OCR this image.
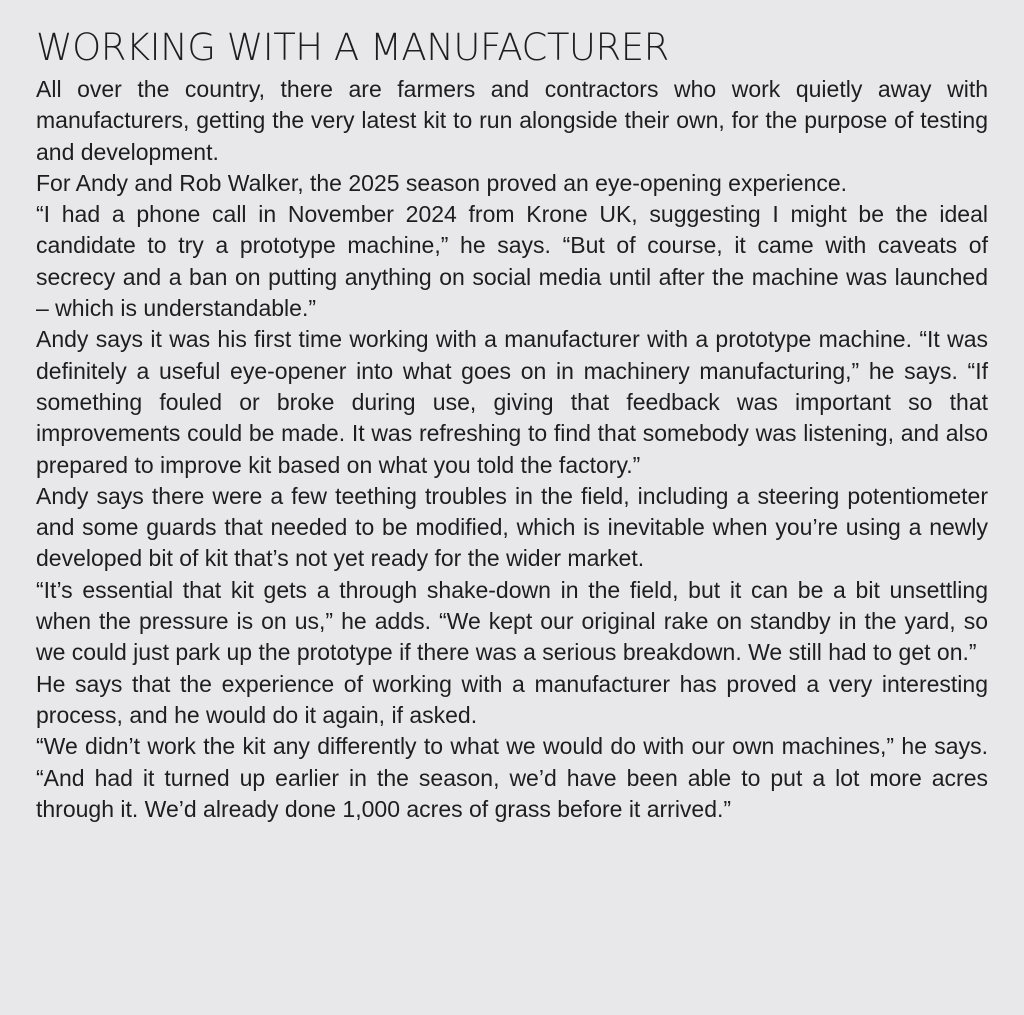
WORKING WITH A MANUFACTURER

All over the country, there are farmers and contractors who work quietly away with manufacturers, getting the very latest kit to run alongside their own, for the purpose of testing and development.

For Andy and Rob Walker, the 2025 season proved an eye-opening experience.

“I had a phone call in November 2024 from Krone UK, suggesting I might be the ideal candidate to try a prototype machine,” he says. “But of course, it came with caveats of secrecy and a ban on putting anything on social media until after the machine was launched – which is understandable.”

Andy says it was his first time working with a manufacturer with a prototype machine. “It was definitely a useful eye-opener into what goes on in machinery manufacturing,” he says. “If something fouled or broke during use, giving that feedback was important so that improvements could be made. It was refreshing to find that somebody was listening, and also prepared to improve kit based on what you told the factory.”

Andy says there were a few teething troubles in the field, including a steering potentiometer and some guards that needed to be modified, which is inevitable when you’re using a newly developed bit of kit that’s not yet ready for the wider market.

“It’s essential that kit gets a through shake-down in the field, but it can be a bit unsettling when the pressure is on us,” he adds. “We kept our original rake on standby in the yard, so we could just park up the prototype if there was a serious breakdown. We still had to get on.”

He says that the experience of working with a manufacturer has proved a very interesting process, and he would do it again, if asked.

“We didn’t work the kit any differently to what we would do with our own machines,” he says. “And had it turned up earlier in the season, we’d have been able to put a lot more acres through it. We’d already done 1,000 acres of grass before it arrived.”
